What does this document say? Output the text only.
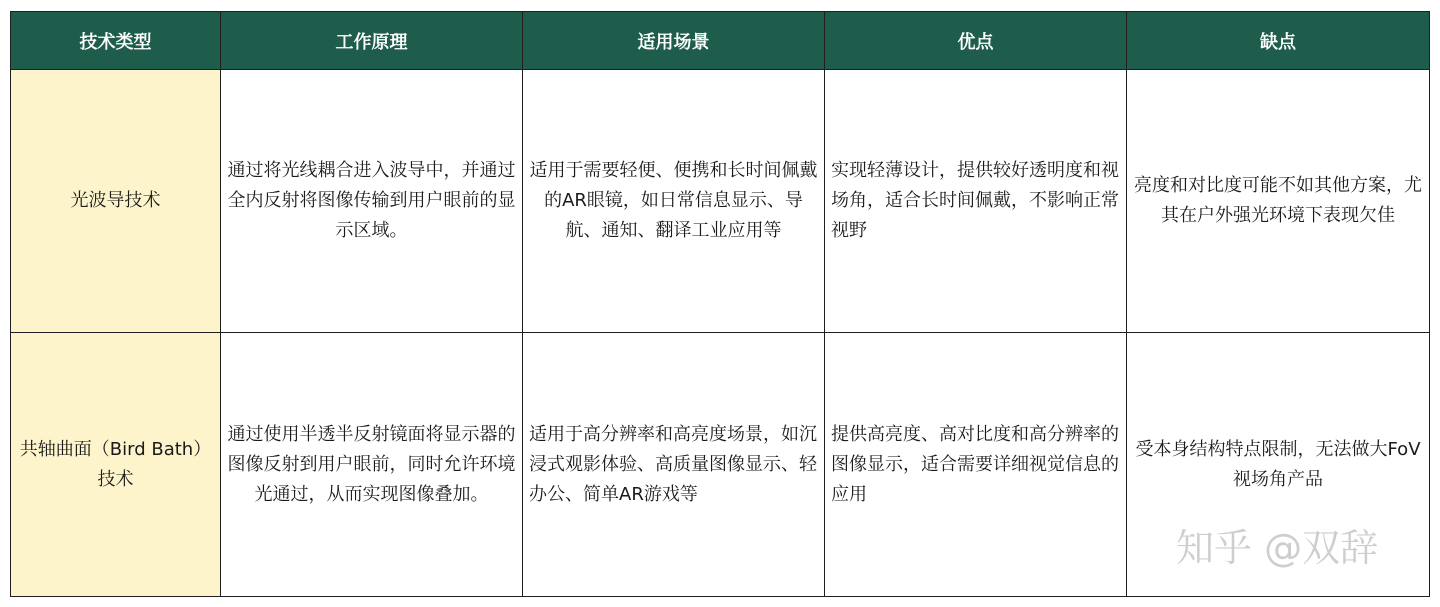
技术类型	工作原理	适用场景	优点	缺点
光波导技术	通过将光线耦合进入波导中，并通过全内反射将图像传输到用户眼前的显示区域。	适用于需要轻便、便携和长时间佩戴的AR眼镜，如日常信息显示、导航、通知、翻译工业应用等	实现轻薄设计，提供较好透明度和视场角，适合长时间佩戴，不影响正常视野	亮度和对比度可能不如其他方案，尤其在户外强光环境下表现欠佳
共轴曲面（Bird Bath）技术	通过使用半透半反射镜面将显示器的图像反射到用户眼前，同时允许环境光通过，从而实现图像叠加。	适用于高分辨率和高亮度场景，如沉浸式观影体验、高质量图像显示、轻办公、简单AR游戏等	提供高亮度、高对比度和高分辨率的图像显示，适合需要详细视觉信息的应用	受本身结构特点限制，无法做大FoV视场角产品
知乎 @双辞
